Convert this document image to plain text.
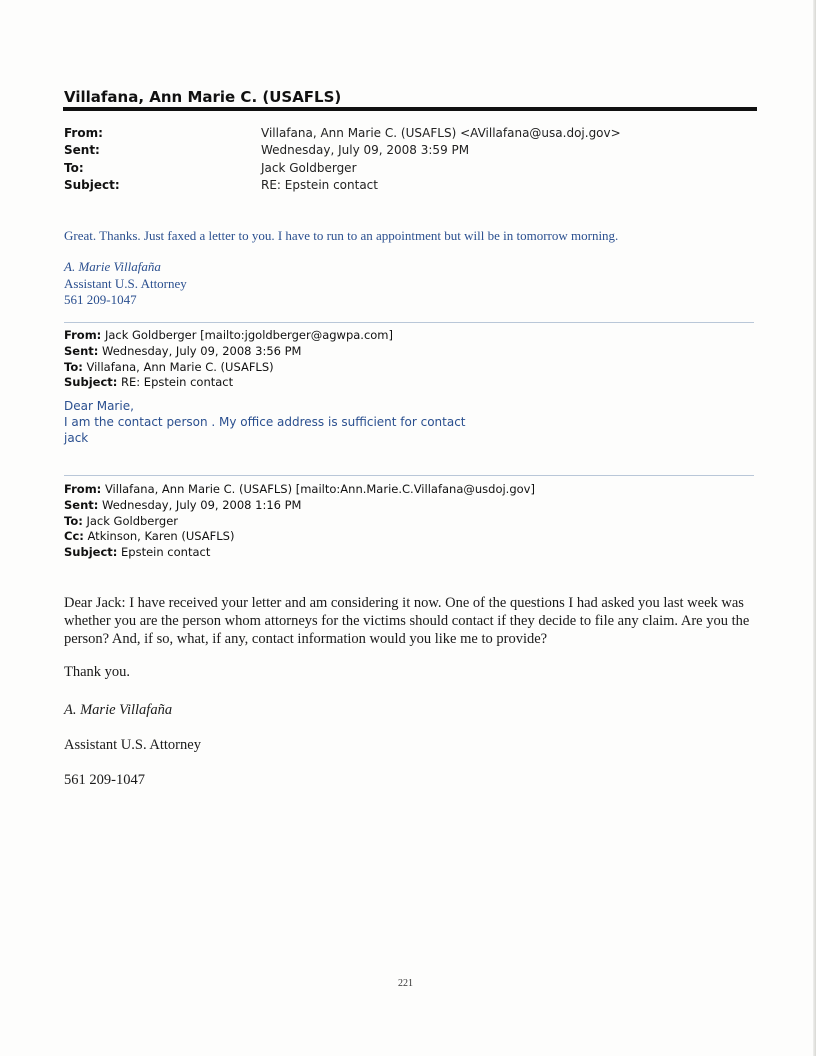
Villafana, Ann Marie C. (USAFLS)
From:	Villafana, Ann Marie C. (USAFLS) <AVillafana@usa.doj.gov>
Sent:	Wednesday, July 09, 2008 3:59 PM
To:	Jack Goldberger
Subject:	RE: Epstein contact
Great. Thanks. Just faxed a letter to you. I have to run to an appointment but will be in tomorrow morning.
A. Marie Villafaña
Assistant U.S. Attorney
561 209-1047
From: Jack Goldberger [mailto:jgoldberger@agwpa.com]
Sent: Wednesday, July 09, 2008 3:56 PM
To: Villafana, Ann Marie C. (USAFLS)
Subject: RE: Epstein contact
Dear Marie,
I am the contact person . My office address is sufficient for contact
jack
From: Villafana, Ann Marie C. (USAFLS) [mailto:Ann.Marie.C.Villafana@usdoj.gov]
Sent: Wednesday, July 09, 2008 1:16 PM
To: Jack Goldberger
Cc: Atkinson, Karen (USAFLS)
Subject: Epstein contact
Dear Jack: I have received your letter and am considering it now. One of the questions I had asked you last week was whether you are the person whom attorneys for the victims should contact if they decide to file any claim. Are you the person? And, if so, what, if any, contact information would you like me to provide?
Thank you.
A. Marie Villafaña
Assistant U.S. Attorney
561 209-1047
221
